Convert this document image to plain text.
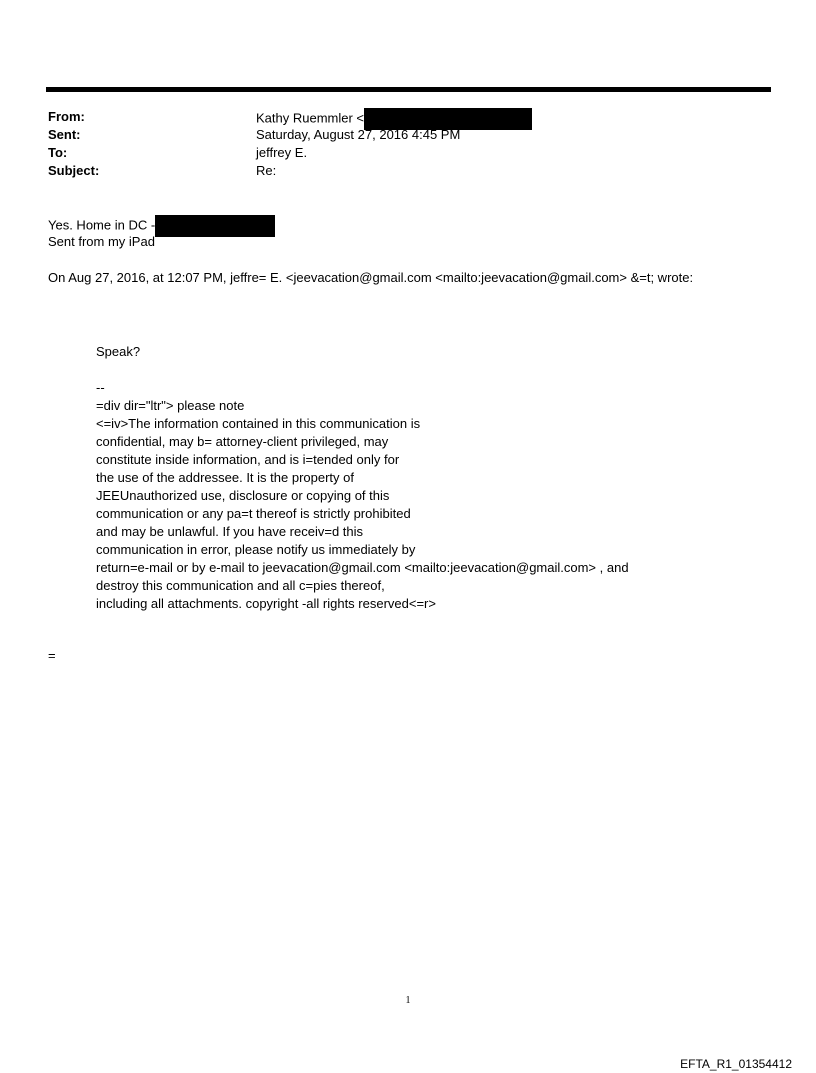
From:	Kathy Ruemmler <
Sent:	Saturday, August 27, 2016 4:45 PM
To:	jeffrey E.
Subject:	Re:
Yes. Home in DC -
Sent from my iPad
On Aug 27, 2016, at 12:07 PM, jeffre= E. <jeevacation@gmail.com <mailto:jeevacation@gmail.com> &=t; wrote:
Speak?
--
=div dir="ltr"> please note
<=iv>The information contained in this communication is
confidential, may b= attorney-client privileged, may
constitute inside information, and is i=tended only for
the use of the addressee. It is the property of
JEEUnauthorized use, disclosure or copying of this
communication or any pa=t thereof is strictly prohibited
and may be unlawful. If you have receiv=d this
communication in error, please notify us immediately by
return=e-mail or by e-mail to jeevacation@gmail.com <mailto:jeevacation@gmail.com> , and
destroy this communication and all c=pies thereof,
including all attachments. copyright -all rights reserved<=r>
=
1
EFTA_R1_01354412
